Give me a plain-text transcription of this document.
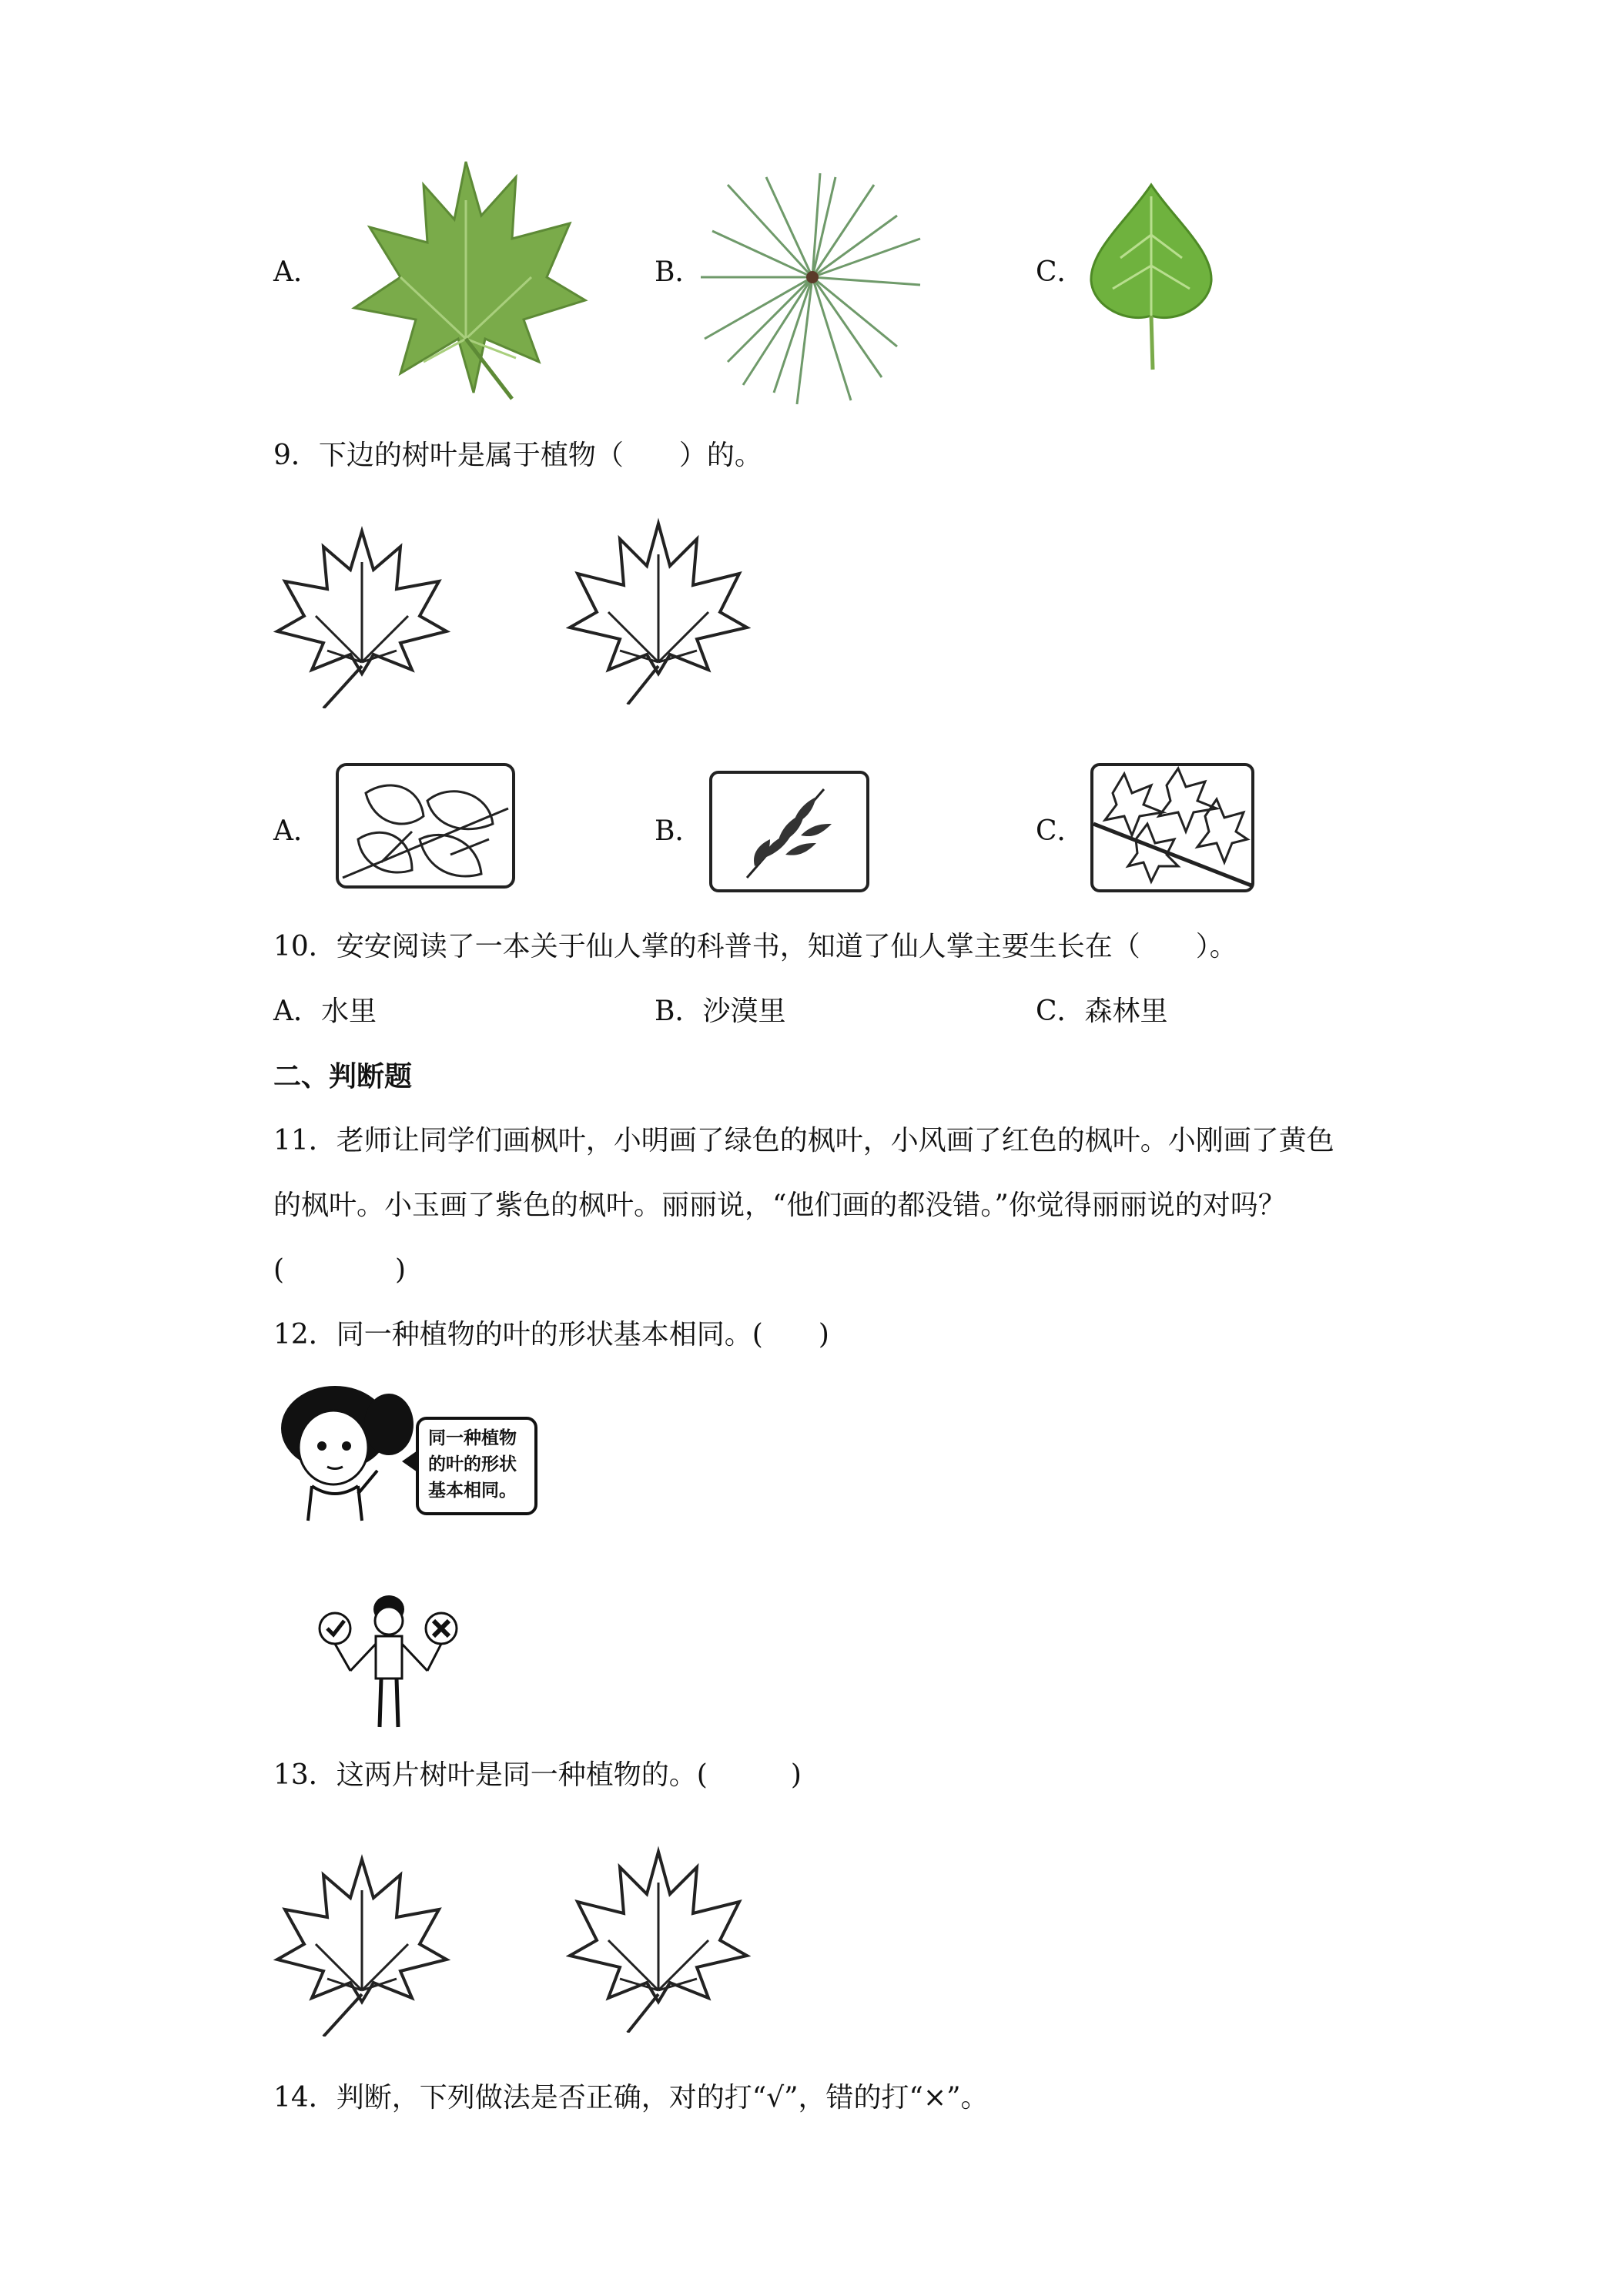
A．	B．	C．
9．下边的树叶是属于植物（　　）的。
A．	B．	C．
10．安安阅读了一本关于仙人掌的科普书，知道了仙人掌主要生长在（　　）。
A．水里	B．沙漠里	C．森林里
二、判断题
11．老师让同学们画枫叶，小明画了绿色的枫叶，小风画了红色的枫叶。小刚画了黄色
的枫叶。小玉画了紫色的枫叶。丽丽说，“他们画的都没错。”你觉得丽丽说的对吗？
(　　　　)
12．同一种植物的叶的形状基本相同。(　　)
同一种植物
的叶的形状
基本相同。
13．这两片树叶是同一种植物的。(　　　)
14．判断，下列做法是否正确，对的打“√”，错的打“×”。
